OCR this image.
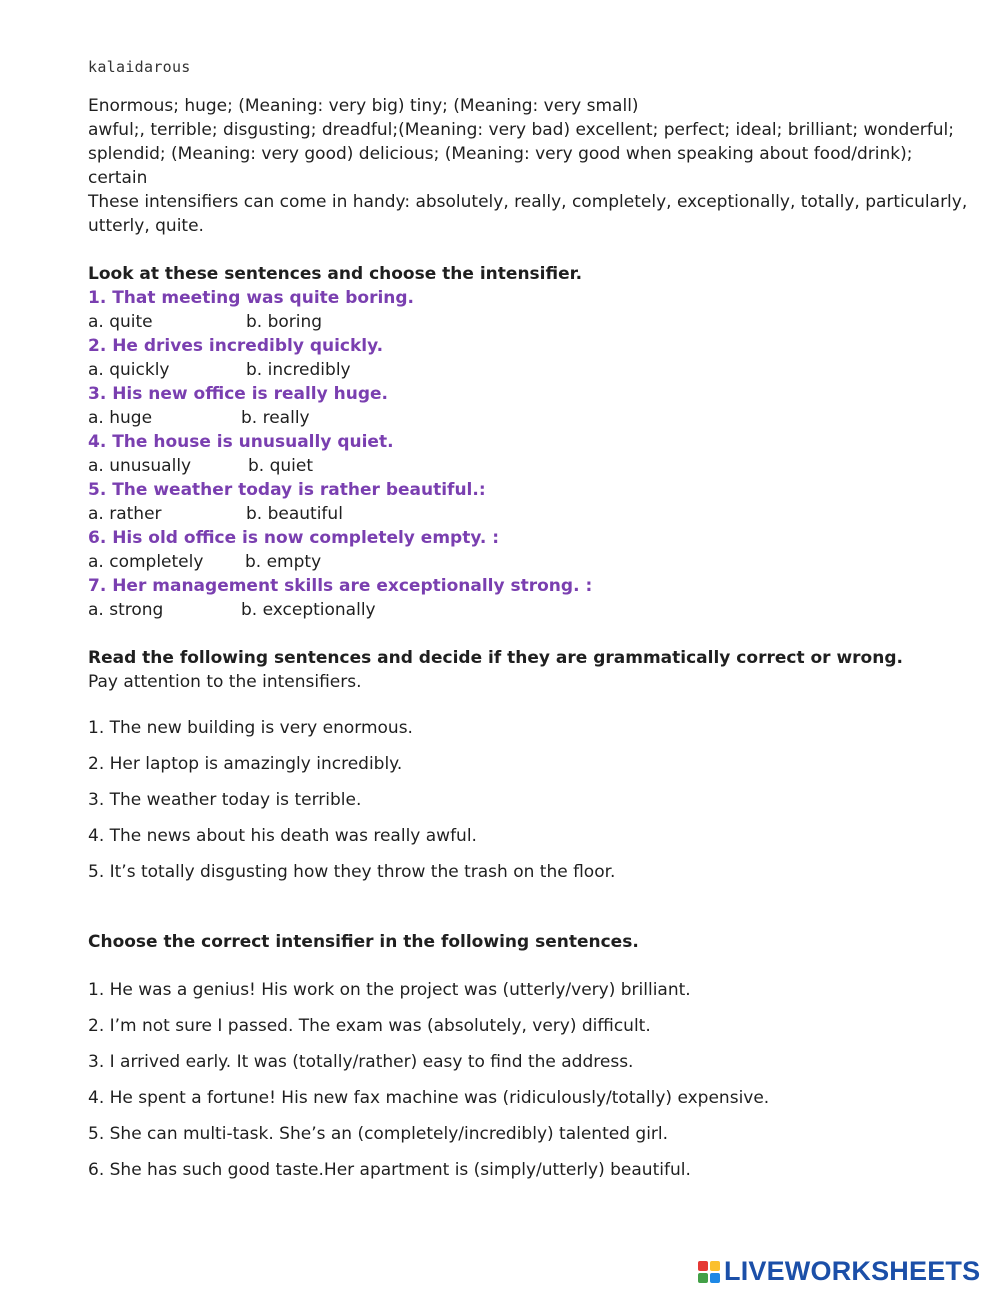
kalaidarous

Enormous; huge; (Meaning: very big) tiny; (Meaning: very small)

awful;, terrible; disgusting; dreadful;(Meaning: very bad) excellent; perfect; ideal; brilliant; wonderful; splendid; (Meaning: very good) delicious; (Meaning: very good when speaking about food/drink); certain

These intensifiers can come in handy: absolutely, really, completely, exceptionally, totally, particularly, utterly, quite.

Look at these sentences and choose the intensifier.

1. That meeting was quite boring.

a. quite	b. boring

2. He drives incredibly quickly.

a. quickly	b. incredibly

3. His new office is really huge.

a. huge	b. really

4. The house is unusually quiet.

a. unusually	b. quiet

5. The weather today is rather beautiful.:

a. rather	b. beautiful

6. His old office is now completely empty. :

a. completely	b. empty

7. Her management skills are exceptionally strong. :

a. strong	b. exceptionally

Read the following sentences and decide if they are grammatically correct or wrong.

Pay attention to the intensifiers.

1. The new building is very enormous.

2. Her laptop is amazingly incredibly.

3. The weather today is terrible.

4. The news about his death was really awful.

5. It’s totally disgusting how they throw the trash on the floor.

Choose the correct intensifier in the following sentences.

1. He was a genius! His work on the project was (utterly/very) brilliant.

2. I’m not sure I passed. The exam was (absolutely, very) difficult.

3. I arrived early. It was (totally/rather) easy to find the address.

4. He spent a fortune! His new fax machine was (ridiculously/totally) expensive.

5. She can multi-task. She’s an (completely/incredibly) talented girl.

6. She has such good taste.Her apartment is (simply/utterly) beautiful.

LIVEWORKSHEETS
